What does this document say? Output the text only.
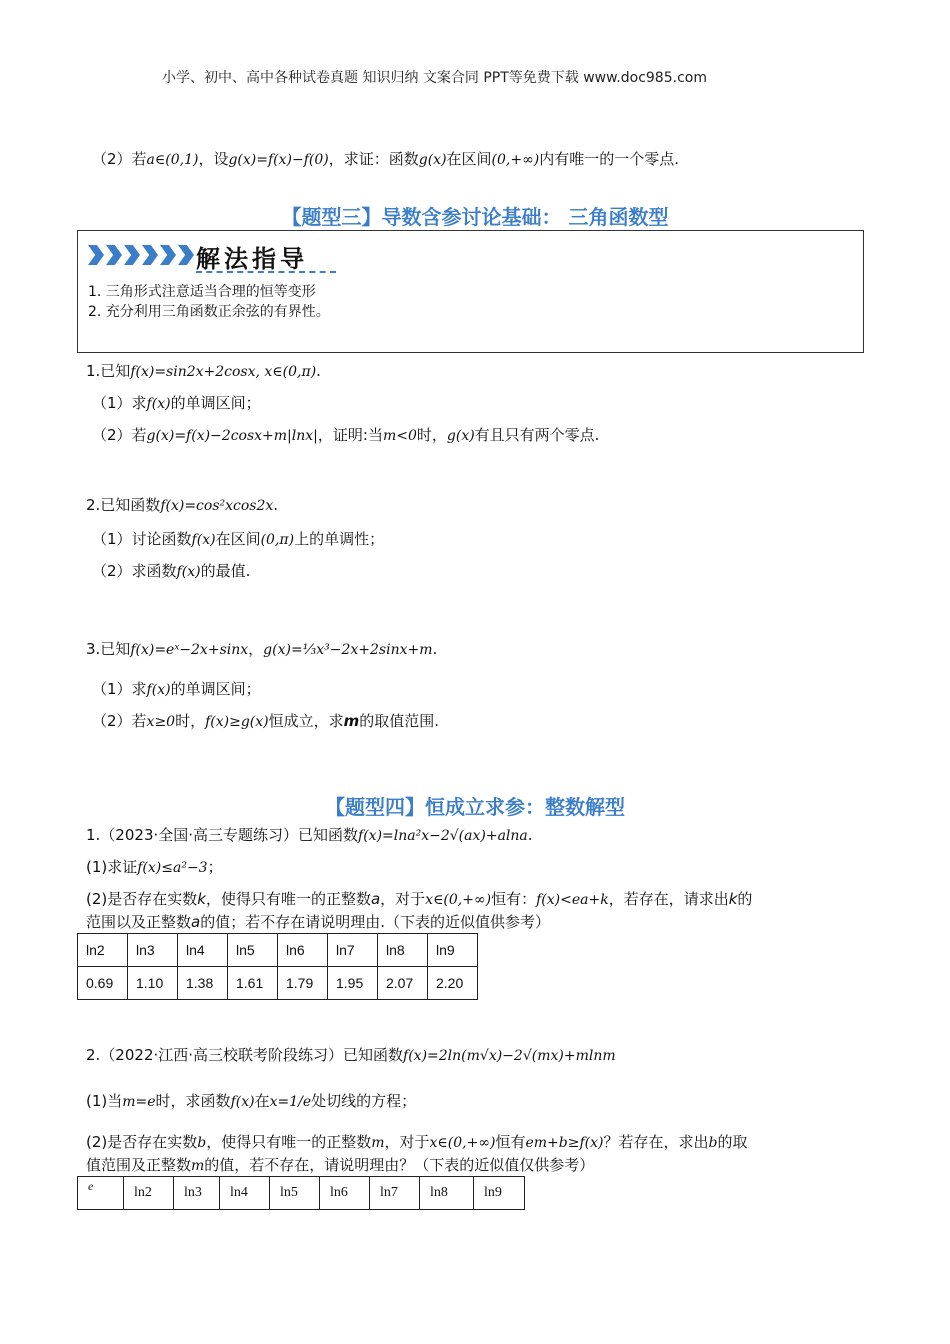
小学、初中、高中各种试卷真题 知识归纳 文案合同 PPT等免费下载 www.doc985.com
（2）若a∈(0,1)，设g(x)=f(x)−f(0)，求证：函数g(x)在区间(0,+∞)内有唯一的一个零点.
【题型三】导数含参讨论基础： 三角函数型
解法指导
1. 三角形式注意适当合理的恒等变形
2. 充分利用三角函数正余弦的有界性。
1.已知f(x)=sin2x+2cosx, x∈(0,π).
（1）求f(x)的单调区间；
（2）若g(x)=f(x)−2cosx+m|lnx|，证明:当m<0时，g(x)有且只有两个零点.
2.已知函数f(x)=cos²xcos2x.
（1）讨论函数f(x)在区间(0,π)上的单调性；
（2）求函数f(x)的最值.
3.已知f(x)=eˣ−2x+sinx，g(x)=⅓x³−2x+2sinx+m.
（1）求f(x)的单调区间；
（2）若x≥0时，f(x)≥g(x)恒成立，求m的取值范围.
【题型四】恒成立求参：整数解型
1.（2023·全国·高三专题练习）已知函数f(x)=lna²x−2√(ax)+alna.
(1)求证f(x)≤a²−3；
(2)是否存在实数k，使得只有唯一的正整数a，对于x∈(0,+∞)恒有：f(x)<ea+k，若存在，请求出k的
范围以及正整数a的值；若不存在请说明理由.（下表的近似值供参考）
ln2	ln3	ln4	ln5	ln6	ln7	ln8	ln9
0.69	1.10	1.38	1.61	1.79	1.95	2.07	2.20
2.（2022·江西·高三校联考阶段练习）已知函数f(x)=2ln(m√x)−2√(mx)+mlnm
(1)当m=e时，求函数f(x)在x=1/e处切线的方程；
(2)是否存在实数b，使得只有唯一的正整数m，对于x∈(0,+∞)恒有em+b≥f(x)？若存在，求出b的取
值范围及正整数m的值，若不存在，请说明理由？（下表的近似值仅供参考）
e	ln2	ln3	ln4	ln5	ln6	ln7	ln8	ln9
